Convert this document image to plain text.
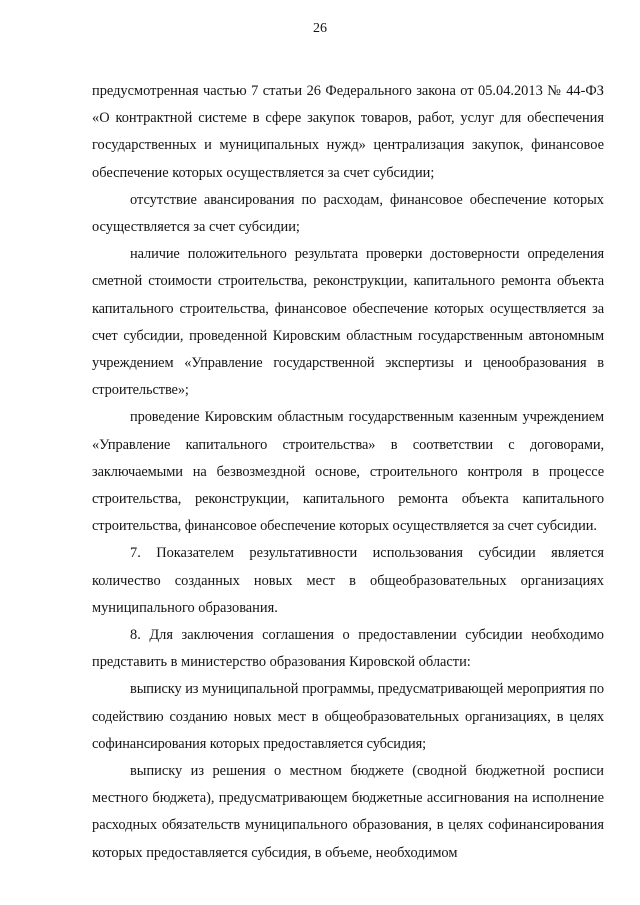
26

предусмотренная частью 7 статьи 26 Федерального закона от 05.04.2013 № 44-ФЗ «О контрактной системе в сфере закупок товаров, работ, услуг для обеспечения государственных и муниципальных нужд» централизация закупок, финансовое обеспечение которых осуществляется за счет субсидии;

отсутствие авансирования по расходам, финансовое обеспечение которых осуществляется за счет субсидии;

наличие положительного результата проверки достоверности определения сметной стоимости строительства, реконструкции, капитального ремонта объекта капитального строительства, финансовое обеспечение которых осуществляется за счет субсидии, проведенной Кировским областным государственным автономным учреждением «Управление государственной экспертизы и ценообразования в строительстве»;

проведение Кировским областным государственным казенным учреждением «Управление капитального строительства» в соответствии с договорами, заключаемыми на безвозмездной основе, строительного контроля в процессе строительства, реконструкции, капитального ремонта объекта капитального строительства, финансовое обеспечение которых осуществляется за счет субсидии.

7. Показателем результативности использования субсидии является количество созданных новых мест в общеобразовательных организациях муниципального образования.

8. Для заключения соглашения о предоставлении субсидии необходимо представить в министерство образования Кировской области:

выписку из муниципальной программы, предусматривающей мероприятия по содействию созданию новых мест в общеобразовательных организациях, в целях софинансирования которых предоставляется субсидия;

выписку из решения о местном бюджете (сводной бюджетной росписи местного бюджета), предусматривающем бюджетные ассигнования на исполнение расходных обязательств муниципального образования, в целях софинансирования которых предоставляется субсидия, в объеме, необходимом
